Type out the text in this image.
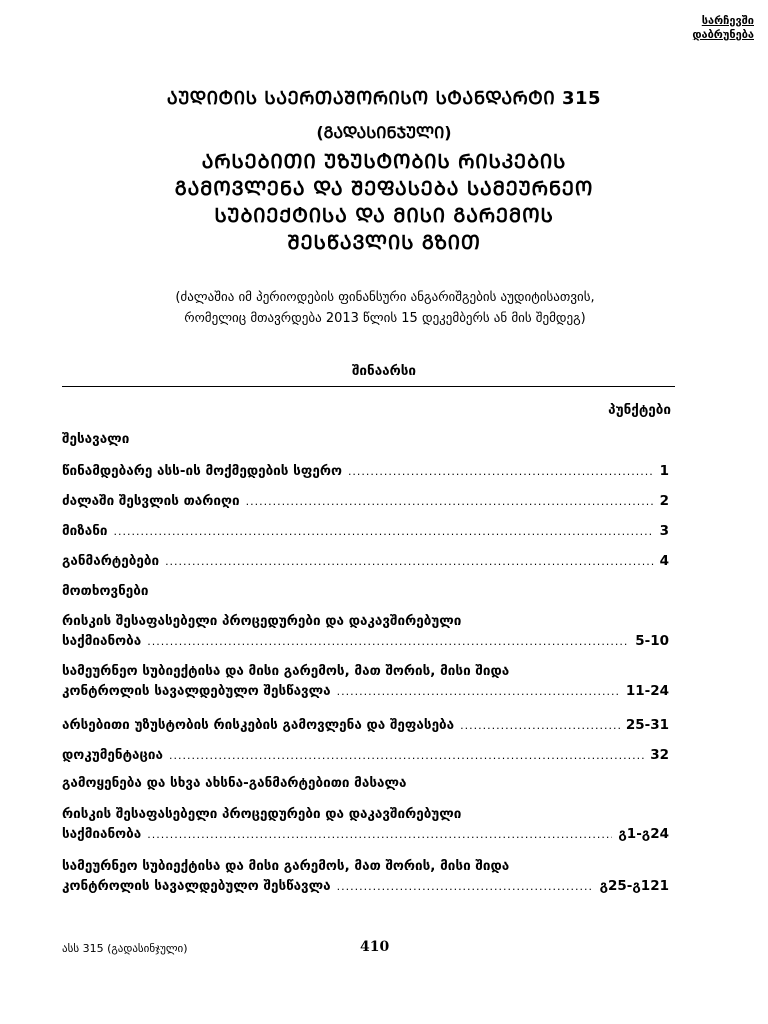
სარჩევში
დაბრუნება
ᲐᲣᲓᲘᲢᲘᲡ ᲡᲐᲔᲠᲗᲐᲨᲝᲠᲘᲡᲝ ᲡᲢᲐᲜᲓᲐᲠᲢᲘ 315
(ᲒᲐᲓᲐᲡᲘᲜᲯᲣᲚᲘ)
ᲐᲠᲡᲔᲑᲘᲗᲘ ᲣᲖᲣᲡᲢᲝᲑᲘᲡ ᲠᲘᲡᲙᲔᲑᲘᲡ
ᲒᲐᲛᲝᲕᲚᲔᲜᲐ ᲓᲐ ᲨᲔᲤᲐᲡᲔᲑᲐ ᲡᲐᲛᲔᲣᲠᲜᲔᲝ
ᲡᲣᲑᲘᲔᲥᲢᲘᲡᲐ ᲓᲐ ᲛᲘᲡᲘ ᲒᲐᲠᲔᲛᲝᲡ
ᲨᲔᲡᲬᲐᲕᲚᲘᲡ ᲒᲖᲘᲗ
(ძალაშია იმ პერიოდების ფინანსური ანგარიშგების აუდიტისათვის,
რომელიც მთავრდება 2013 წლის 15 დეკემბერს ან მის შემდეგ)
შინაარსი
პუნქტები
შესავალი
წინამდებარე ასს-ის მოქმედების სფერო .....	1
ძალაში შესვლის თარიღი .....	2
მიზანი .....	3
განმარტებები .....	4
მოთხოვნები
რისკის შესაფასებელი პროცედურები და დაკავშირებული
საქმიანობა .....	5-10
სამეურნეო სუბიექტისა და მისი გარემოს, მათ შორის, მისი შიდა
კონტროლის სავალდებულო შესწავლა .....	11-24
არსებითი უზუსტობის რისკების გამოვლენა და შეფასება .....	25-31
დოკუმენტაცია .....	32
გამოყენება და სხვა ახსნა-განმარტებითი მასალა
რისკის შესაფასებელი პროცედურები და დაკავშირებული
საქმიანობა .....	გ1-გ24
სამეურნეო სუბიექტისა და მისი გარემოს, მათ შორის, მისი შიდა
კონტროლის სავალდებულო შესწავლა .....	გ25-გ121
ასს 315 (გადასინჯული)	410
